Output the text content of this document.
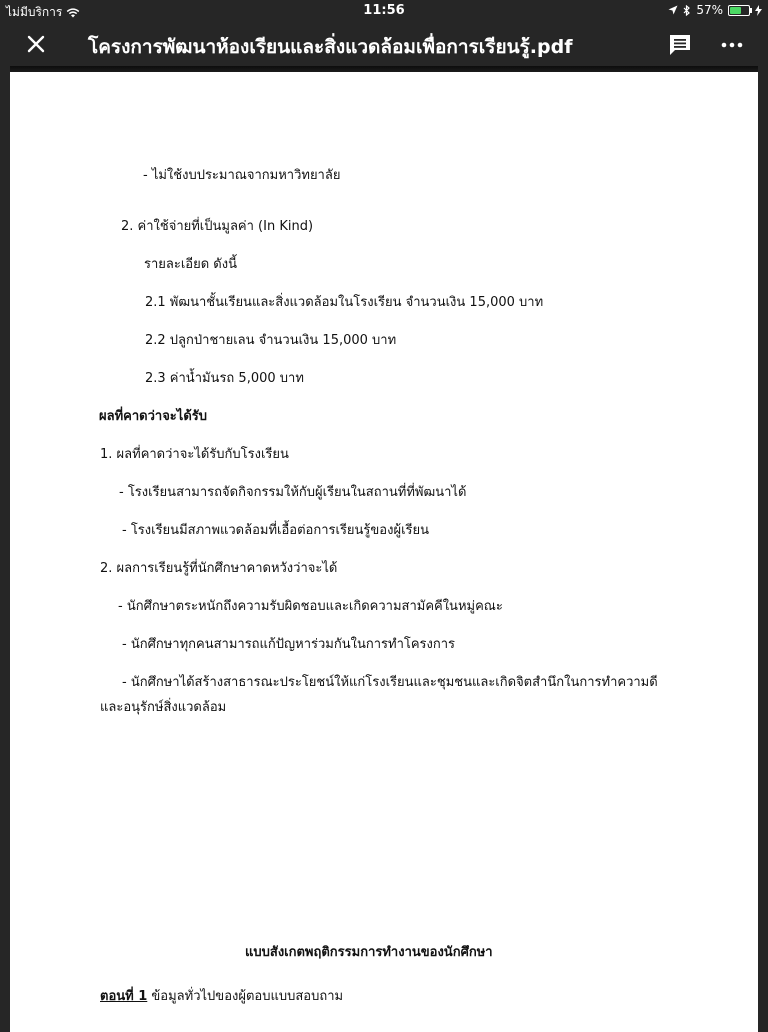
ไม่มีบริการ	11:56	57%
โครงการพัฒนาห้องเรียนและสิ่งแวดล้อมเพื่อการเรียนรู้.pdf
- ไม่ใช้งบประมาณจากมหาวิทยาลัย
2. ค่าใช้จ่ายที่เป็นมูลค่า (In Kind)
รายละเอียด ดังนี้
2.1 พัฒนาชั้นเรียนและสิ่งแวดล้อมในโรงเรียน จำนวนเงิน 15,000 บาท
2.2 ปลูกป่าชายเลน จำนวนเงิน 15,000 บาท
2.3 ค่าน้ำมันรถ 5,000 บาท
ผลที่คาดว่าจะได้รับ
1. ผลที่คาดว่าจะได้รับกับโรงเรียน
- โรงเรียนสามารถจัดกิจกรรมให้กับผู้เรียนในสถานที่ที่พัฒนาได้
- โรงเรียนมีสภาพแวดล้อมที่เอื้อต่อการเรียนรู้ของผู้เรียน
2. ผลการเรียนรู้ที่นักศึกษาคาดหวังว่าจะได้
- นักศึกษาตระหนักถึงความรับผิดชอบและเกิดความสามัคคีในหมู่คณะ
- นักศึกษาทุกคนสามารถแก้ปัญหาร่วมกันในการทำโครงการ
- นักศึกษาได้สร้างสาธารณะประโยชน์ให้แก่โรงเรียนและชุมชนและเกิดจิตสำนึกในการทำความดี
และอนุรักษ์สิ่งแวดล้อม
แบบสังเกตพฤติกรรมการทำงานของนักศึกษา
ตอนที่ 1 ข้อมูลทั่วไปของผู้ตอบแบบสอบถาม
